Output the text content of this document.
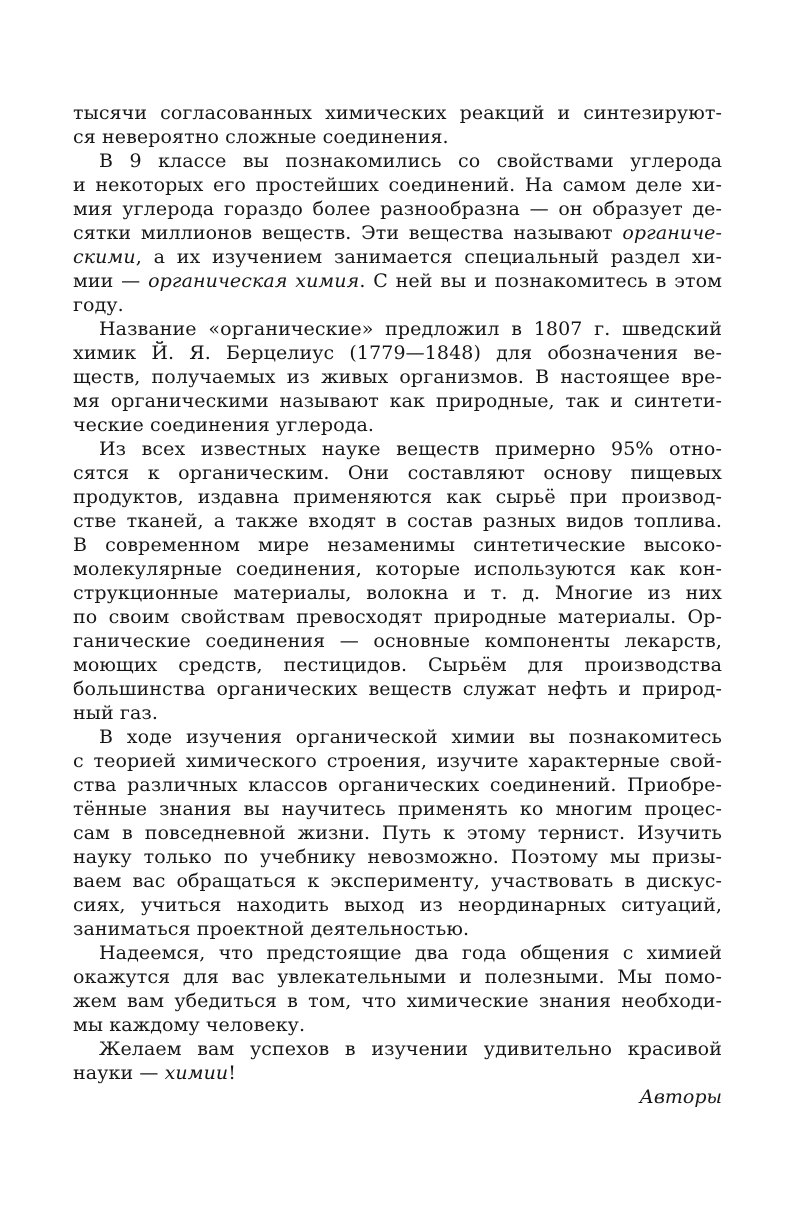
тысячи согласованных химических реакций и синтезируют-
ся невероятно сложные соединения.
В 9 классе вы познакомились со свойствами углерода
и некоторых его простейших соединений. На самом деле хи-
мия углерода гораздо более разнообразна — он образует де-
сятки миллионов веществ. Эти вещества называют органиче-
скими, а их изучением занимается специальный раздел хи-
мии — органическая химия. С ней вы и познакомитесь в этом
году.
Название «органические» предложил в 1807 г. шведский
химик Й. Я. Берцелиус (1779—1848) для обозначения ве-
ществ, получаемых из живых организмов. В настоящее вре-
мя органическими называют как природные, так и синтети-
ческие соединения углерода.
Из всех известных науке веществ примерно 95% отно-
сятся к органическим. Они составляют основу пищевых
продуктов, издавна применяются как сырьё при производ-
стве тканей, а также входят в состав разных видов топлива.
В современном мире незаменимы синтетические высоко-
молекулярные соединения, которые используются как кон-
струкционные материалы, волокна и т. д. Многие из них
по своим свойствам превосходят природные материалы. Ор-
ганические соединения — основные компоненты лекарств,
моющих средств, пестицидов. Сырьём для производства
большинства органических веществ служат нефть и природ-
ный газ.
В ходе изучения органической химии вы познакомитесь
с теорией химического строения, изучите характерные свой-
ства различных классов органических соединений. Приобре-
тённые знания вы научитесь применять ко многим процес-
сам в повседневной жизни. Путь к этому тернист. Изучить
науку только по учебнику невозможно. Поэтому мы призы-
ваем вас обращаться к эксперименту, участвовать в дискус-
сиях, учиться находить выход из неординарных ситуаций,
заниматься проектной деятельностью.
Надеемся, что предстоящие два года общения с химией
окажутся для вас увлекательными и полезными. Мы помо-
жем вам убедиться в том, что химические знания необходи-
мы каждому человеку.
Желаем вам успехов в изучении удивительно красивой
науки — химии!
Авторы
